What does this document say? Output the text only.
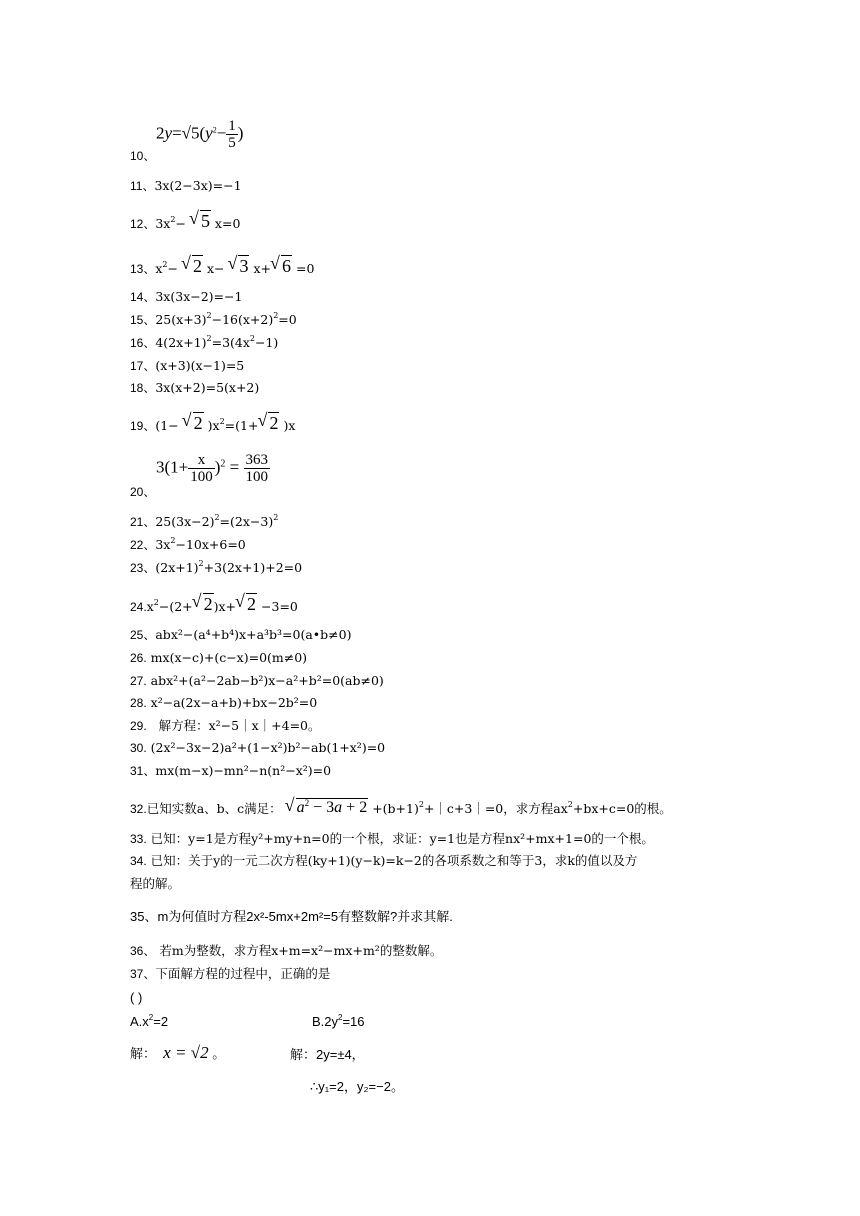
$2y=√5(y^2- \frac{1}{5}$ )
10、
11、3x(2−3x)=−1
12、$3x^2-$ √ 5 x=0
13、$x^2-$ √ 2 x− √ 3 x+√ 6 =0
14、3x(3x−2)=−1
15、$25(x+3)^2-16(x+2)^2=0$
16、$4(2x+1)^2=3(4x^2-1)$
17、(x+3)(x−1)=5
18、3x(x+2)=5(x+2)
19、(1− √ 2 )$x^2=(1+√$ 2 )x
$3(1+ \frac{x}{100} )^2 = \frac{363}{100}$
20、
21、$25(3x-2)^2=(2x-3)^2$
22、$3x^2-10x+6=0$
23、$(2x+1)^2+3(2x+1)+2=0$
$24.x^2-(2+√$ 2)x+√ 2 −3=0
25、abx²−(a⁴+b⁴)x+a³b³=0(a•b≠0)
26. mx(x−c)+(c−x)=0(m≠0)
27. abx²+(a²−2ab−b²)x−a²+b²=0(ab≠0)
28. x²−a(2x−a+b)+bx−2b²=0
29. 解方程：x²−5｜x｜+4=0。
30. (2x²−3x−2)a²+(1−x²)b²−ab(1+x²)=0
31、mx(m−x)−mn²−n(n²−x²)=0
32.已知实数a、b、c满足： √ $a^2 - 3a + 2$ $+(b+1)^2+|c+3|=0$，求方程$ax^2+bx+c=0$的根。
33. 已知：y=1是方程y²+my+n=0的一个根，求证：y=1也是方程nx²+mx+1=0的一个根。
34. 已知：关于y的一元二次方程(ky+1)(y−k)=k−2的各项系数之和等于3，求k的值以及方
程的解。
35、m为何值时方程2x²-5mx+2m²=5有整数解?并求其解.
36、 若m为整数，求方程x+m=x²−mx+m²的整数解。
37、下面解方程的过程中，正确的是
( )
$A.x^2=2$	$B.2y^2=16$
解： x = √2 。	解：2y=±4，
∴y₁=2，y₂=−2。
